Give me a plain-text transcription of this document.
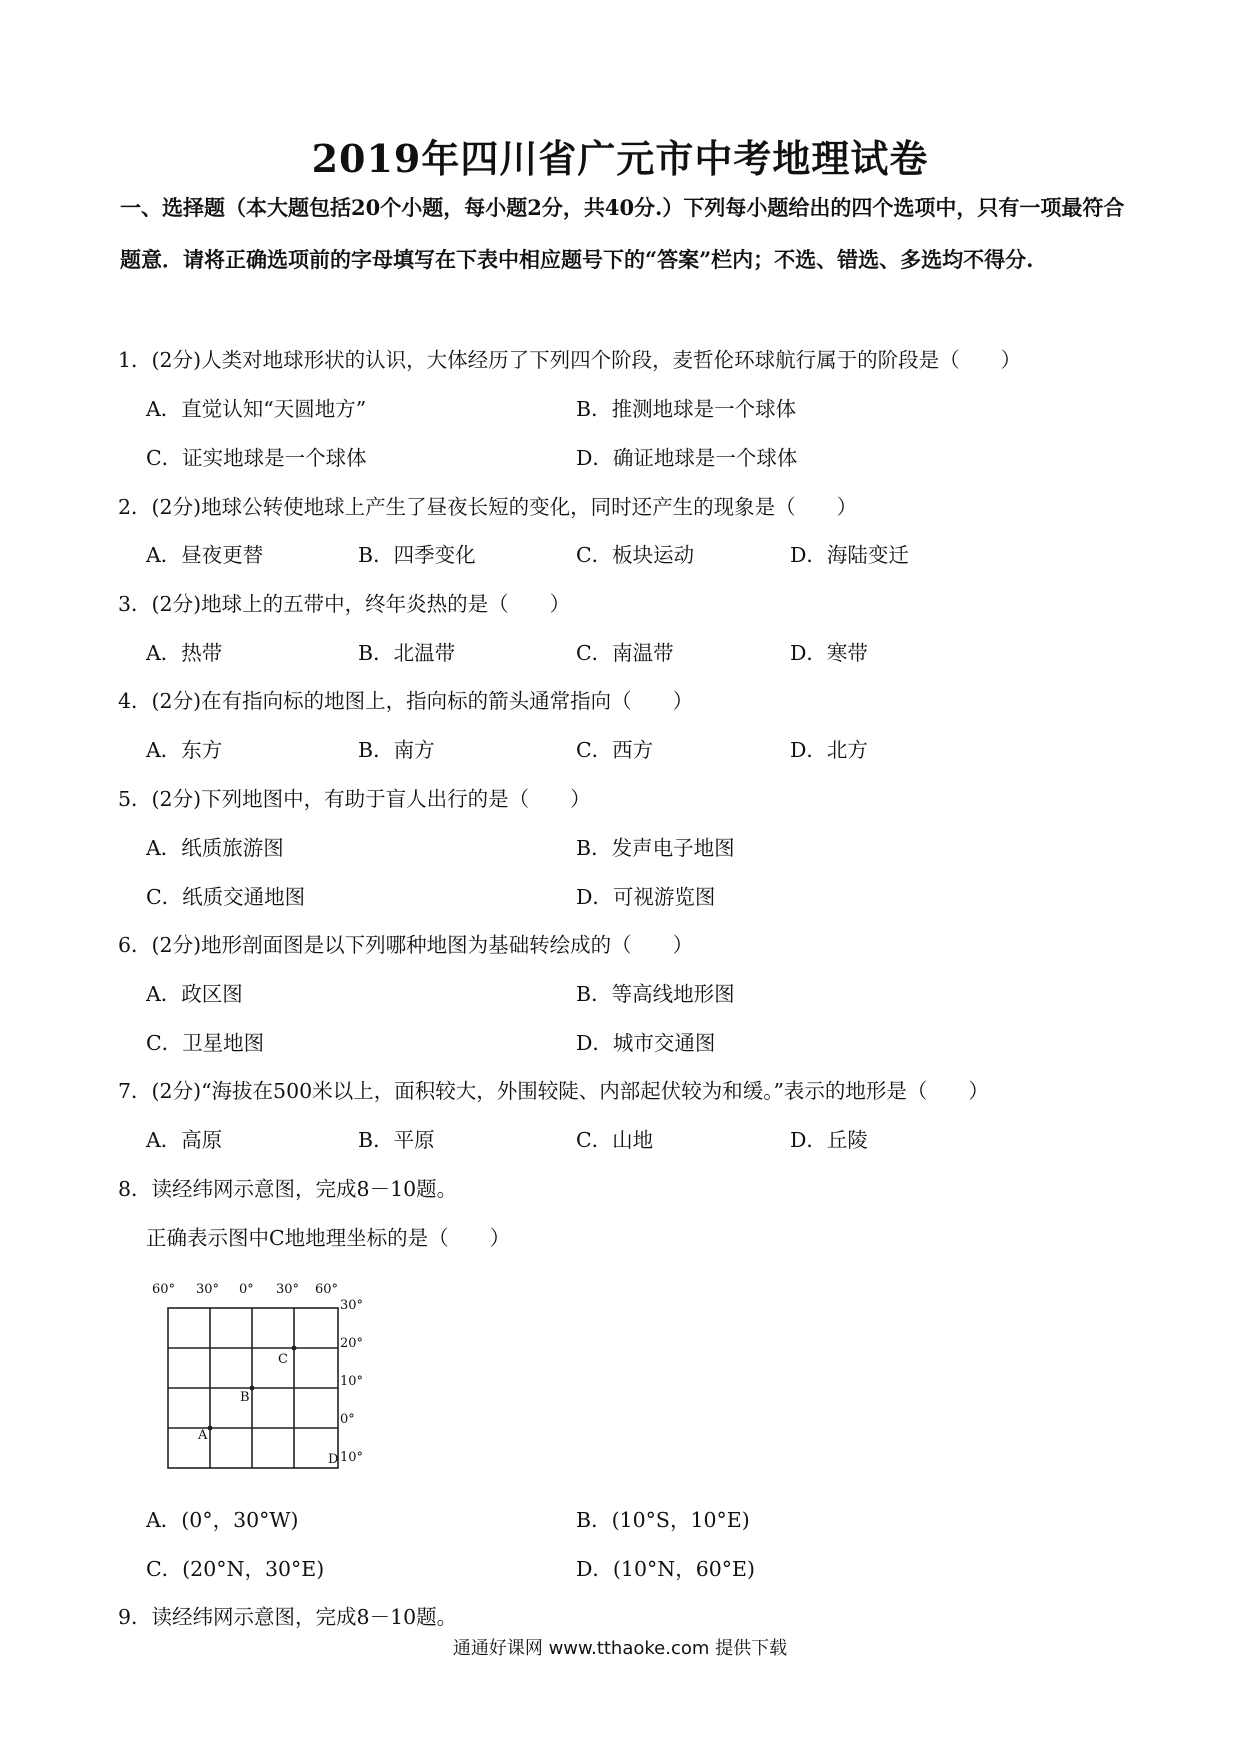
2019年四川省广元市中考地理试卷
一、选择题（本大题包括20个小题，每小题2分，共40分.）下列每小题给出的四个选项中，只有一项最符合题意．请将正确选项前的字母填写在下表中相应题号下的“答案”栏内；不选、错选、多选均不得分.
1．(2分)人类对地球形状的认识，大体经历了下列四个阶段，麦哲伦环球航行属于的阶段是（　　）
A．直觉认知“天圆地方”	B．推测地球是一个球体
C．证实地球是一个球体	D．确证地球是一个球体
2．(2分)地球公转使地球上产生了昼夜长短的变化，同时还产生的现象是（　　）
A．昼夜更替	B．四季变化	C．板块运动	D．海陆变迁
3．(2分)地球上的五带中，终年炎热的是（　　）
A．热带	B．北温带	C．南温带	D．寒带
4．(2分)在有指向标的地图上，指向标的箭头通常指向（　　）
A．东方	B．南方	C．西方	D．北方
5．(2分)下列地图中，有助于盲人出行的是（　　）
A．纸质旅游图	B．发声电子地图
C．纸质交通地图	D．可视游览图
6．(2分)地形剖面图是以下列哪种地图为基础转绘成的（　　）
A．政区图	B．等高线地形图
C．卫星地图	D．城市交通图
7．(2分)“海拔在500米以上，面积较大，外围较陡、内部起伏较为和缓。”表示的地形是（　　）
A．高原	B．平原	C．山地	D．丘陵
8．读经纬网示意图，完成8－10题。
正确表示图中C地地理坐标的是（　　）
60° 30° 0° 30° 60°
30°
20°
10°
0°
10°
A
B
C
D
A．(0°，30°W)	B．(10°S，10°E)
C．(20°N，30°E)	D．(10°N，60°E)
9．读经纬网示意图，完成8－10题。
通通好课网 www.tthaoke.com 提供下载
